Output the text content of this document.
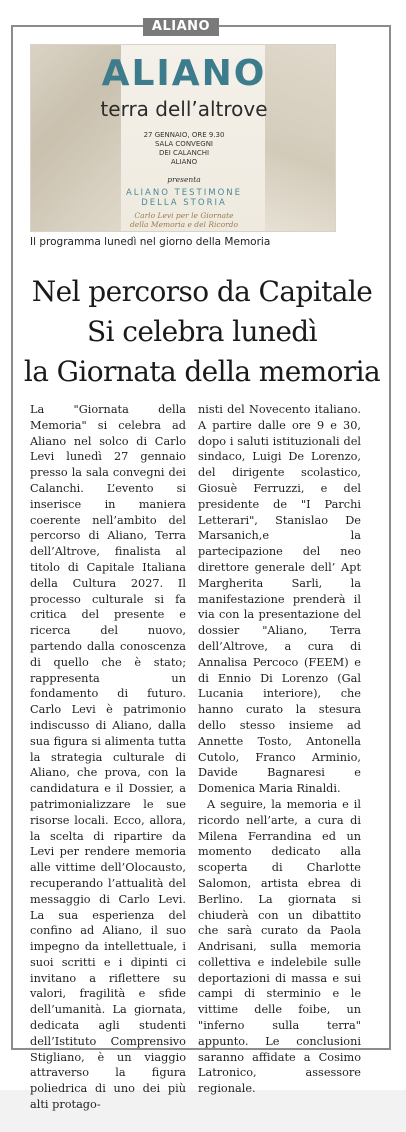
ALIANO
ALIANO
terra dell’altrove
27 GENNAIO, ORE 9.30
SALA CONVEGNI
DEI CALANCHI
ALIANO
presenta
ALIANO TESTIMONE
DELLA STORIA
Carlo Levi per le Giornate
della Memoria e del Ricordo
Il programma lunedì nel giorno della Memoria
Nel percorso da Capitale
Si celebra lunedì
la Giornata della memoria

La "Giornata della Memoria" si celebra ad Aliano nel solco di Carlo Levi lunedì 27 gennaio presso la sala convegni dei Calanchi. L’evento si inserisce in maniera coerente nell’ambito del percorso di Aliano, Terra dell’Altrove, finalista al titolo di Capitale Italiana della Cultura 2027. Il processo culturale si fa critica del presente e ricerca del nuovo, partendo dalla conoscenza di quello che è stato; rappresenta un fondamento di futuro. Carlo Levi è patrimonio indiscusso di Aliano, dalla sua figura si alimenta tutta la strategia culturale di Aliano, che prova, con la candidatura e il Dossier, a patrimonializzare le sue risorse locali. Ecco, allora, la scelta di ripartire da Levi per rendere memoria alle vittime dell’Olocausto, recuperando l’attualità del messaggio di Carlo Levi. La sua esperienza del confino ad Aliano, il suo impegno da intellettuale, i suoi scritti e i dipinti ci invitano a riflettere su valori, fragilità e sfide dell’umanità. La giornata, dedicata agli studenti dell’Istituto Comprensivo Stigliano, è un viaggio attraverso la figura poliedrica di uno dei più alti protago-

nisti del Novecento italiano. A partire dalle ore 9 e 30, dopo i saluti istituzionali del sindaco, Luigi De Lorenzo, del dirigente scolastico, Giosuè Ferruzzi, e del presidente de "I Parchi Letterari", Stanislao De Marsanich,e la partecipazione del neo direttore generale dell’ Apt Margherita Sarli, la manifestazione prenderà il via con la presentazione del dossier "Aliano, Terra dell’Altrove, a cura di Annalisa Percoco (FEEM) e di Ennio Di Lorenzo (Gal Lucania interiore), che hanno curato la stesura dello stesso insieme ad Annette Tosto, Antonella Cutolo, Franco Arminio, Davide Bagnaresi e Domenica Maria Rinaldi.

A seguire, la memoria e il ricordo nell’arte, a cura di Milena Ferrandina ed un momento dedicato alla scoperta di Charlotte Salomon, artista ebrea di Berlino. La giornata si chiuderà con un dibattito che sarà curato da Paola Andrisani, sulla memoria collettiva e indelebile sulle deportazioni di massa e sui campi di sterminio e le vittime delle foibe, un "inferno sulla terra" appunto. Le conclusioni saranno affidate a Cosimo Latronico, assessore regionale.
